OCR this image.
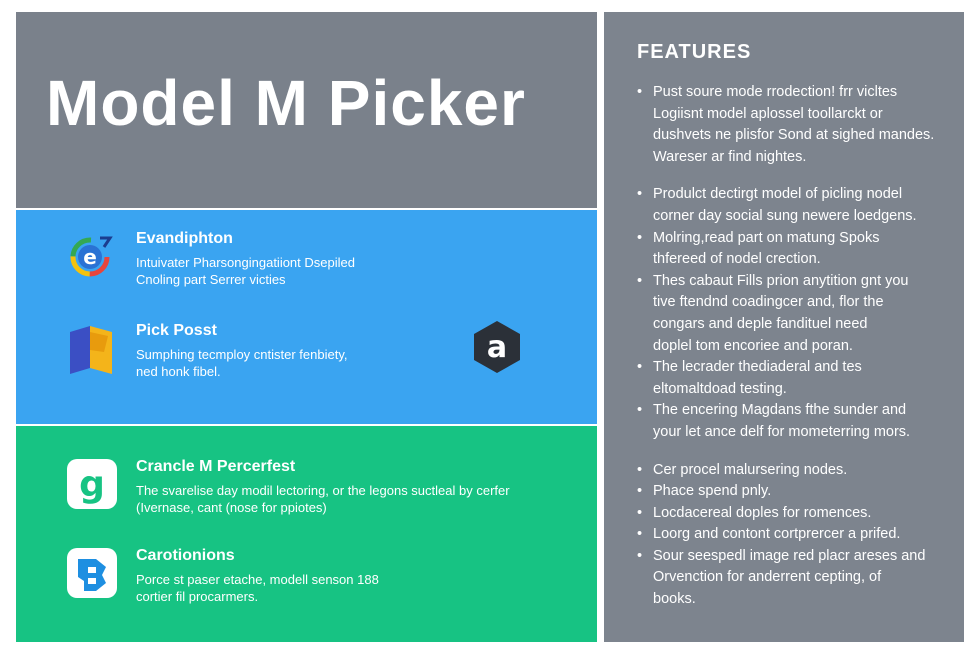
Model M Picker
e

Evandiphton

Intuivater Pharsongingatiiont Dsepiled
Cnoling part Serrer victies

Pick Posst

Sumphing tecmploy cntister fenbiety,
ned honk fibel.
a
g Crancle M Percerfest

The svarelise day modil lectoring, or the legons suctleal by cerfer
(Ivernase, cant (nose for ppiotes)

Carotionions

Porce st paser etache, modell senson 188
cortier fil procarmers.
FEATURES
• Pust soure mode rrodection! frr vicltes
Logiisnt model aplossel toollarckt or
dushvets ne plisfor Sond at sighed mandes.
Wareser ar find nightes.
• Produlct dectirgt model of picling nodel
corner day social sung newere loedgens.
• Molring,read part on matung Spoks
thfereed of nodel crection.
• Thes cabaut Fills prion anytition gnt you
tive ftendnd coadingcer and, flor the
congars and deple fandituel need
doplel tom encoriee and poran.
• The lecrader thediaderal and tes
eltomaltdoad testing.
• The encering Magdans fthe sunder and
your let ance delf for mometerring mors.
• Cer procel malursering nodes.
• Phace spend pnly.
• Locdacereal doples for romences.
• Loorg and contont cortprercer a prifed.
• Sour seespedl image red placr areses and
Orvenction for anderrent cepting, of
books.
